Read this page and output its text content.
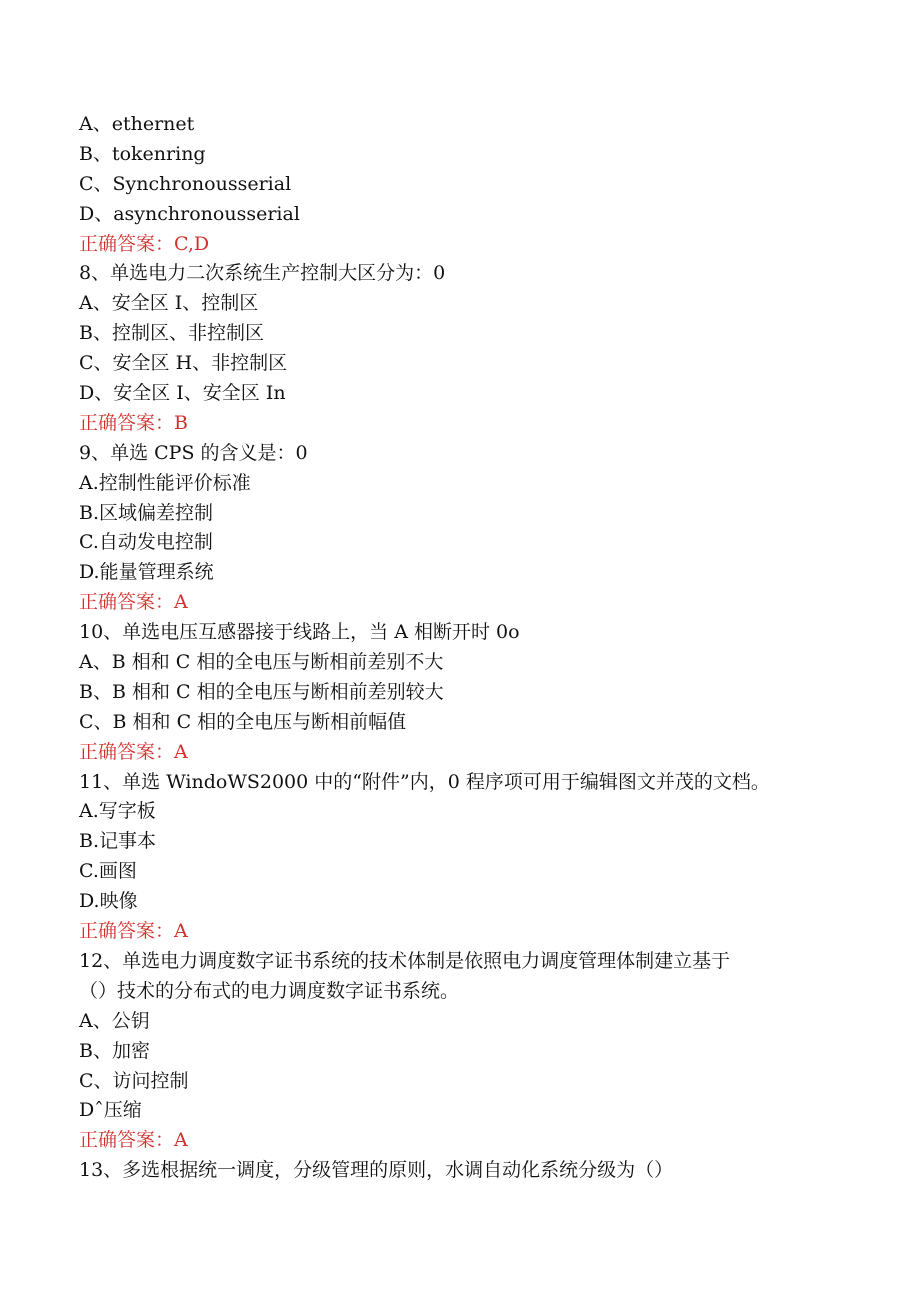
A、ethernet
B、tokenring
C、Synchronousserial
D、asynchronousserial
正确答案：C,D
8、单选电力二次系统生产控制大区分为：0
A、安全区 I、控制区
B、控制区、非控制区
C、安全区 H、非控制区
D、安全区 I、安全区 In
正确答案：B
9、单选 CPS 的含义是：0
A.控制性能评价标准
B.区域偏差控制
C.自动发电控制
D.能量管理系统
正确答案：A
10、单选电压互感器接于线路上，当 A 相断开时 0o
A、B 相和 C 相的全电压与断相前差别不大
B、B 相和 C 相的全电压与断相前差别较大
C、B 相和 C 相的全电压与断相前幅值
正确答案：A
11、单选 WindoWS2000 中的“附件”内，0 程序项可用于编辑图文并茂的文档。
A.写字板
B.记事本
C.画图
D.映像
正确答案：A
12、单选电力调度数字证书系统的技术体制是依照电力调度管理体制建立基于
（）技术的分布式的电力调度数字证书系统。
A、公钥
B、加密
C、访问控制
Dˆ压缩
正确答案：A
13、多选根据统一调度，分级管理的原则，水调自动化系统分级为（）
